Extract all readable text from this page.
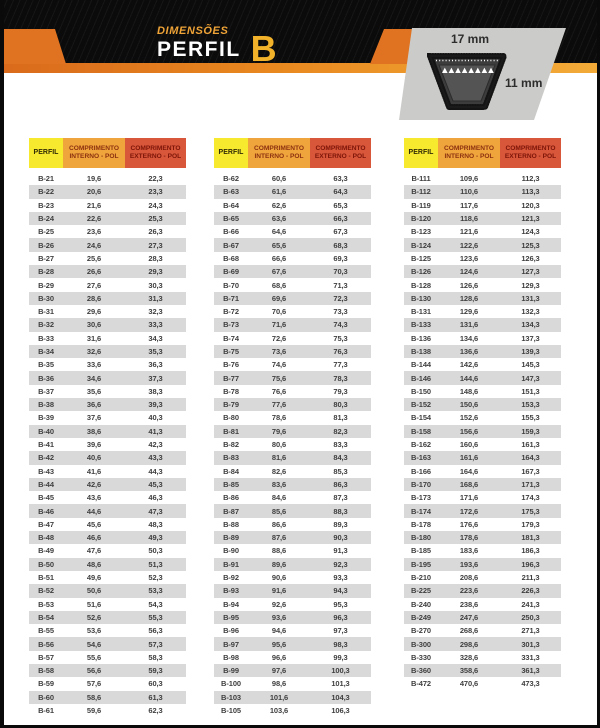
DIMENSÕES
PERFIL B	17 mm
11 mm
PERFIL
COMPRIMENTO
INTERNO - POL
COMPRIMENTO
EXTERNO - POL
B-21	19,6	22,3
B-22	20,6	23,3
B-23	21,6	24,3
B-24	22,6	25,3
B-25	23,6	26,3
B-26	24,6	27,3
B-27	25,6	28,3
B-28	26,6	29,3
B-29	27,6	30,3
B-30	28,6	31,3
B-31	29,6	32,3
B-32	30,6	33,3
B-33	31,6	34,3
B-34	32,6	35,3
B-35	33,6	36,3
B-36	34,6	37,3
B-37	35,6	38,3
B-38	36,6	39,3
B-39	37,6	40,3
B-40	38,6	41,3
B-41	39,6	42,3
B-42	40,6	43,3
B-43	41,6	44,3
B-44	42,6	45,3
B-45	43,6	46,3
B-46	44,6	47,3
B-47	45,6	48,3
B-48	46,6	49,3
B-49	47,6	50,3
B-50	48,6	51,3
B-51	49,6	52,3
B-52	50,6	53,3
B-53	51,6	54,3
B-54	52,6	55,3
B-55	53,6	56,3
B-56	54,6	57,3
B-57	55,6	58,3
B-58	56,6	59,3
B-59	57,6	60,3
B-60	58,6	61,3
B-61	59,6	62,3
PERFIL
COMPRIMENTO
INTERNO - POL
COMPRIMENTO
EXTERNO - POL
B-62	60,6	63,3
B-63	61,6	64,3
B-64	62,6	65,3
B-65	63,6	66,3
B-66	64,6	67,3
B-67	65,6	68,3
B-68	66,6	69,3
B-69	67,6	70,3
B-70	68,6	71,3
B-71	69,6	72,3
B-72	70,6	73,3
B-73	71,6	74,3
B-74	72,6	75,3
B-75	73,6	76,3
B-76	74,6	77,3
B-77	75,6	78,3
B-78	76,6	79,3
B-79	77,6	80,3
B-80	78,6	81,3
B-81	79,6	82,3
B-82	80,6	83,3
B-83	81,6	84,3
B-84	82,6	85,3
B-85	83,6	86,3
B-86	84,6	87,3
B-87	85,6	88,3
B-88	86,6	89,3
B-89	87,6	90,3
B-90	88,6	91,3
B-91	89,6	92,3
B-92	90,6	93,3
B-93	91,6	94,3
B-94	92,6	95,3
B-95	93,6	96,3
B-96	94,6	97,3
B-97	95,6	98,3
B-98	96,6	99,3
B-99	97,6	100,3
B-100	98,6	101,3
B-103	101,6	104,3
B-105	103,6	106,3
PERFIL
COMPRIMENTO
INTERNO - POL
COMPRIMENTO
EXTERNO - POL
B-111	109,6	112,3
B-112	110,6	113,3
B-119	117,6	120,3
B-120	118,6	121,3
B-123	121,6	124,3
B-124	122,6	125,3
B-125	123,6	126,3
B-126	124,6	127,3
B-128	126,6	129,3
B-130	128,6	131,3
B-131	129,6	132,3
B-133	131,6	134,3
B-136	134,6	137,3
B-138	136,6	139,3
B-144	142,6	145,3
B-146	144,6	147,3
B-150	148,6	151,3
B-152	150,6	153,3
B-154	152,6	155,3
B-158	156,6	159,3
B-162	160,6	161,3
B-163	161,6	164,3
B-166	164,6	167,3
B-170	168,6	171,3
B-173	171,6	174,3
B-174	172,6	175,3
B-178	176,6	179,3
B-180	178,6	181,3
B-185	183,6	186,3
B-195	193,6	196,3
B-210	208,6	211,3
B-225	223,6	226,3
B-240	238,6	241,3
B-249	247,6	250,3
B-270	268,6	271,3
B-300	298,6	301,3
B-330	328,6	331,3
B-360	358,6	361,3
B-472	470,6	473,3
